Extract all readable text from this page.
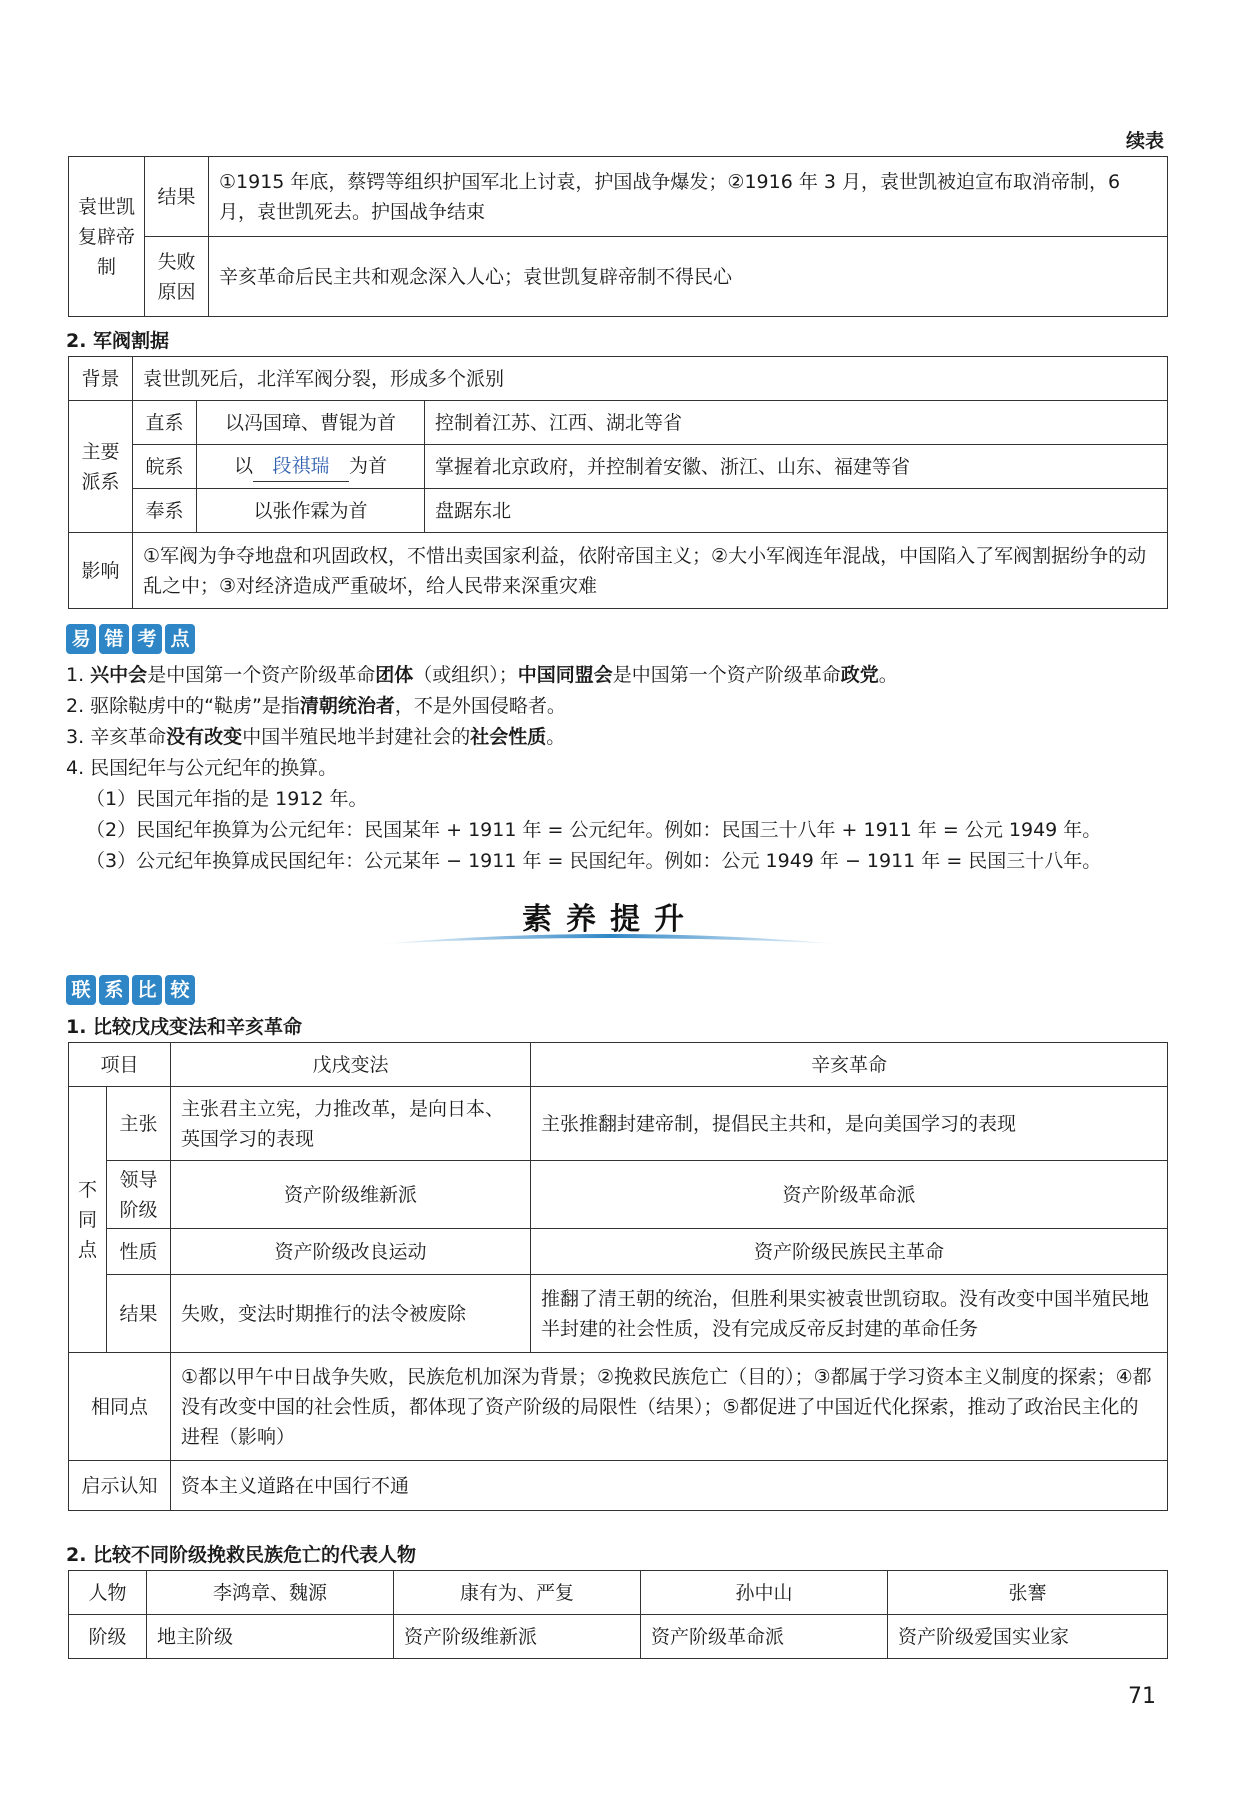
续表
袁世凯复辟帝制	结果	①1915 年底，蔡锷等组织护国军北上讨袁，护国战争爆发；②1916 年 3 月，袁世凯被迫宣布取消帝制，6 月，袁世凯死去。护国战争结束
	失败原因	辛亥革命后民主共和观念深入人心；袁世凯复辟帝制不得民心
2. 军阀割据
背景	袁世凯死后，北洋军阀分裂，形成多个派别		
主要派系	直系	以冯国璋、曹锟为首	控制着江苏、江西、湖北等省
	皖系	以 段祺瑞 为首	掌握着北京政府，并控制着安徽、浙江、山东、福建等省
	奉系	以张作霖为首	盘踞东北
影响	①军阀为争夺地盘和巩固政权，不惜出卖国家利益，依附帝国主义；②大小军阀连年混战，中国陷入了军阀割据纷争的动乱之中；③对经济造成严重破坏，给人民带来深重灾难		
易 错 考 点
1. 兴中会是中国第一个资产阶级革命团体（或组织）；中国同盟会是中国第一个资产阶级革命政党。
2. 驱除鞑虏中的“鞑虏”是指清朝统治者，不是外国侵略者。
3. 辛亥革命没有改变中国半殖民地半封建社会的社会性质。
4. 民国纪年与公元纪年的换算。
（1）民国元年指的是 1912 年。
（2）民国纪年换算为公元纪年：民国某年 + 1911 年 = 公元纪年。例如：民国三十八年 + 1911 年 = 公元 1949 年。
（3）公元纪年换算成民国纪年：公元某年 − 1911 年 = 民国纪年。例如：公元 1949 年 − 1911 年 = 民国三十八年。
素养提升
联 系 比 较
1. 比较戊戌变法和辛亥革命
项目		戊戌变法	辛亥革命
不同点	主张	主张君主立宪，力推改革，是向日本、英国学习的表现	主张推翻封建帝制，提倡民主共和，是向美国学习的表现
	领导阶级	资产阶级维新派	资产阶级革命派
	性质	资产阶级改良运动	资产阶级民族民主革命
	结果	失败，变法时期推行的法令被废除	推翻了清王朝的统治，但胜利果实被袁世凯窃取。没有改变中国半殖民地半封建的社会性质，没有完成反帝反封建的革命任务
相同点		①都以甲午中日战争失败，民族危机加深为背景；②挽救民族危亡（目的）；③都属于学习资本主义制度的探索；④都没有改变中国的社会性质，都体现了资产阶级的局限性（结果）；⑤都促进了中国近代化探索，推动了政治民主化的进程（影响）	
启示认知		资本主义道路在中国行不通	
2. 比较不同阶级挽救民族危亡的代表人物
人物	李鸿章、魏源	康有为、严复	孙中山	张謇
阶级	地主阶级	资产阶级维新派	资产阶级革命派	资产阶级爱国实业家
71
